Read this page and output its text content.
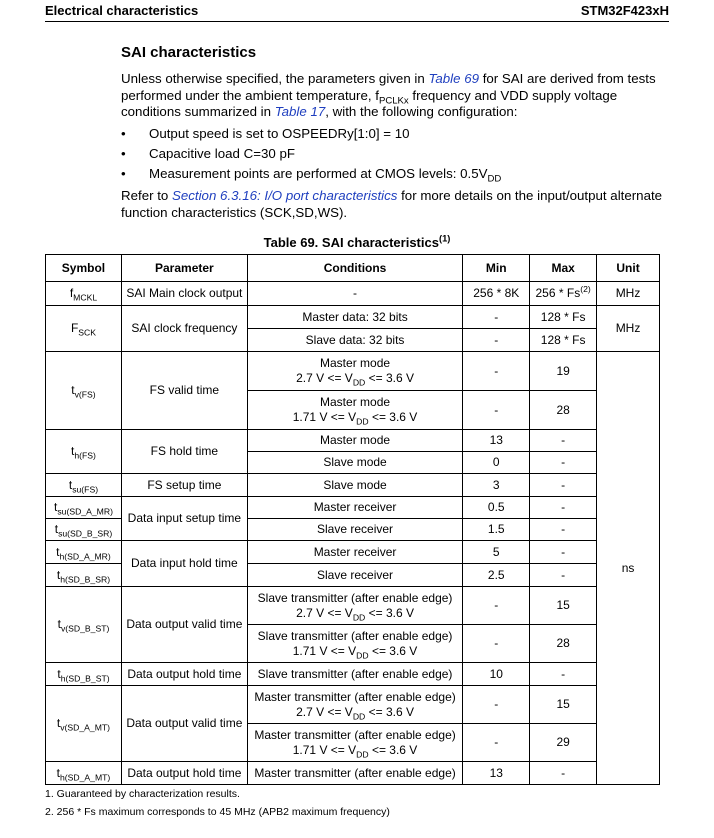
Electrical characteristics	STM32F423xH
SAI characteristics
Unless otherwise specified, the parameters given in Table 69 for SAI are derived from tests performed under the ambient temperature, $f_{PCLKx}$ frequency and VDD supply voltage conditions summarized in Table 17, with the following configuration:
• Output speed is set to OSPEEDRy[1:0] = 10
• Capacitive load C=30 pF
• Measurement points are performed at CMOS levels: $0.5V_{DD}$
Refer to Section 6.3.16: I/O port characteristics for more details on the input/output alternate function characteristics (SCK,SD,WS).
Table 69. SAI characteristics$^{(1)}$
Symbol	Parameter	Conditions	Min	Max	Unit
$f_{MCKL}$	SAI Main clock output	-	256 * 8K	256 * Fs$^{(2)}$	MHz
$F_{SCK}$	SAI clock frequency	Master data: 32 bits	-	128 * Fs	MHz
		Slave data: 32 bits	-	128 * Fs	
$t_{v(FS)}$	FS valid time	Master mode
2.7 $V <= V_{DD} <= 3.6$ V	-	19	ns
		Master mode
1.71 $V <= V_{DD} <= 3.6$ V	-	28	
$t_{h(FS)}$	FS hold time	Master mode	13	-	
		Slave mode	0	-	
$t_{su(FS)}$	FS setup time	Slave mode	3	-	
$t_{su(SD\_A\_MR)}$	Data input setup time	Master receiver	0.5	-	
$t_{su(SD\_B\_SR)}$		Slave receiver	1.5	-	
$t_{h(SD\_A\_MR)}$	Data input hold time	Master receiver	5	-	
$t_{h(SD\_B\_SR)}$		Slave receiver	2.5	-	
$t_{v(SD\_B\_ST)}$	Data output valid time	Slave transmitter (after enable edge)
2.7 $V <= V_{DD} <= 3.6$ V	-	15	
		Slave transmitter (after enable edge)
1.71 $V <= V_{DD} <= 3.6$ V	-	28	
$t_{h(SD\_B\_ST)}$	Data output hold time	Slave transmitter (after enable edge)	10	-	
$t_{v(SD\_A\_MT)}$	Data output valid time	Master transmitter (after enable edge)
2.7 $V <= V_{DD} <= 3.6$ V	-	15	
		Master transmitter (after enable edge)
1.71 $V <= V_{DD} <= 3.6$ V	-	29	
$t_{h(SD\_A\_MT)}$	Data output hold time	Master transmitter (after enable edge)	13	-	
1. Guaranteed by characterization results.
2. 256 * Fs maximum corresponds to 45 MHz (APB2 maximum frequency)
